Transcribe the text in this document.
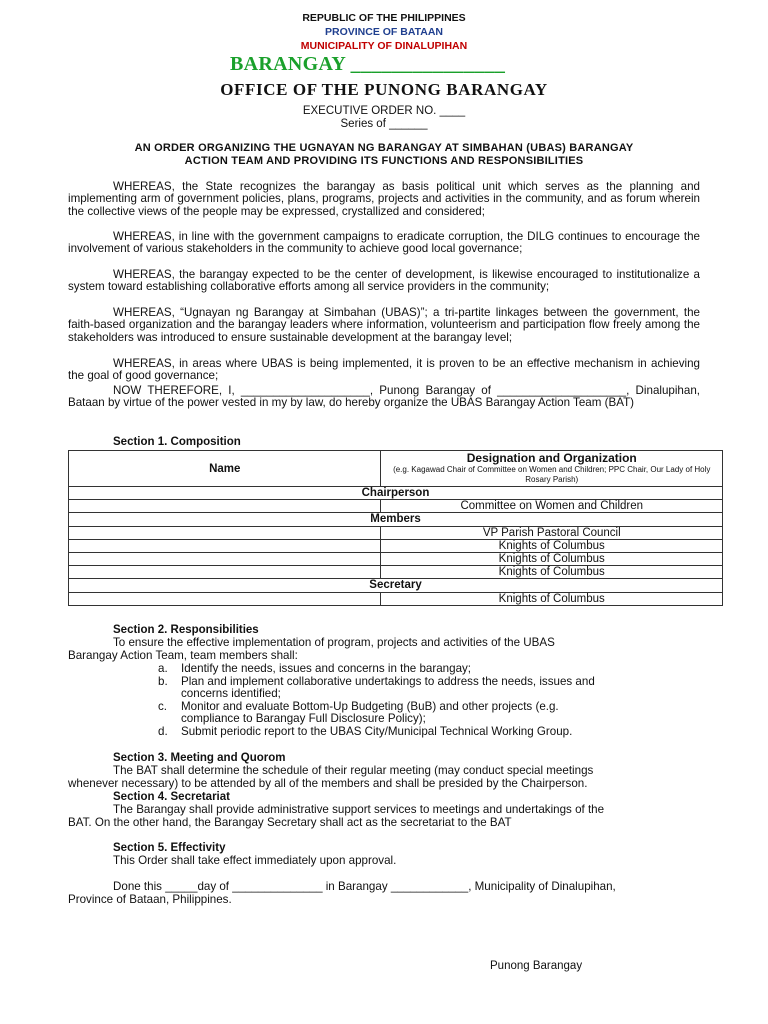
REPUBLIC OF THE PHILIPPINES
PROVINCE OF BATAAN
MUNICIPALITY OF DINALUPIHAN
BARANGAY _______________
OFFICE OF THE PUNONG BARANGAY
EXECUTIVE ORDER NO. ____
Series of ______
AN ORDER ORGANIZING THE UGNAYAN NG BARANGAY AT SIMBAHAN (UBAS) BARANGAY
ACTION TEAM AND PROVIDING ITS FUNCTIONS AND RESPONSIBILITIES
WHEREAS, the State recognizes the barangay as basis political unit which serves as the planning and implementing arm of government policies, plans, programs, projects and activities in the community, and as forum wherein the collective views of the people may be expressed, crystallized and considered;
WHEREAS, in line with the government campaigns to eradicate corruption, the DILG continues to encourage the involvement of various stakeholders in the community to achieve good local governance;
WHEREAS, the barangay expected to be the center of development, is likewise encouraged to institutionalize a system toward establishing collaborative efforts among all service providers in the community;
WHEREAS, “Ugnayan ng Barangay at Simbahan (UBAS)”; a tri-partite linkages between the government, the faith-based organization and the barangay leaders where information, volunteerism and participation flow freely among the stakeholders was introduced to ensure sustainable development at the barangay level;
WHEREAS, in areas where UBAS is being implemented, it is proven to be an effective mechanism in achieving the goal of good governance;
NOW THEREFORE, I, ____________________, Punong Barangay of ____________________, Dinalupihan, Bataan by virtue of the power vested in my by law, do hereby organize the UBAS Barangay Action Team (BAT)
Section 1. Composition
Name	Designation and Organization
(e.g. Kagawad Chair of Committee on Women and Children; PPC Chair, Our Lady of Holy Rosary Parish)

Chairperson	
	Committee on Women and Children
Members	
	VP Parish Pastoral Council
	Knights of Columbus
	Knights of Columbus
	Knights of Columbus
Secretary	
	Knights of Columbus
Section 2. Responsibilities
To ensure the effective implementation of program, projects and activities of the UBAS
Barangay Action Team, team members shall:
a. Identify the needs, issues and concerns in the barangay;
b. Plan and implement collaborative undertakings to address the needs, issues and
concerns identified;
c. Monitor and evaluate Bottom-Up Budgeting (BuB) and other projects (e.g.
compliance to Barangay Full Disclosure Policy);
d. Submit periodic report to the UBAS City/Municipal Technical Working Group.
Section 3. Meeting and Quorom
The BAT shall determine the schedule of their regular meeting (may conduct special meetings
whenever necessary) to be attended by all of the members and shall be presided by the Chairperson.
Section 4. Secretariat
The Barangay shall provide administrative support services to meetings and undertakings of the
BAT. On the other hand, the Barangay Secretary shall act as the secretariat to the BAT
Section 5. Effectivity
This Order shall take effect immediately upon approval.
Done this _____day of ______________ in Barangay ____________, Municipality of Dinalupihan,
Province of Bataan, Philippines.
Punong Barangay
